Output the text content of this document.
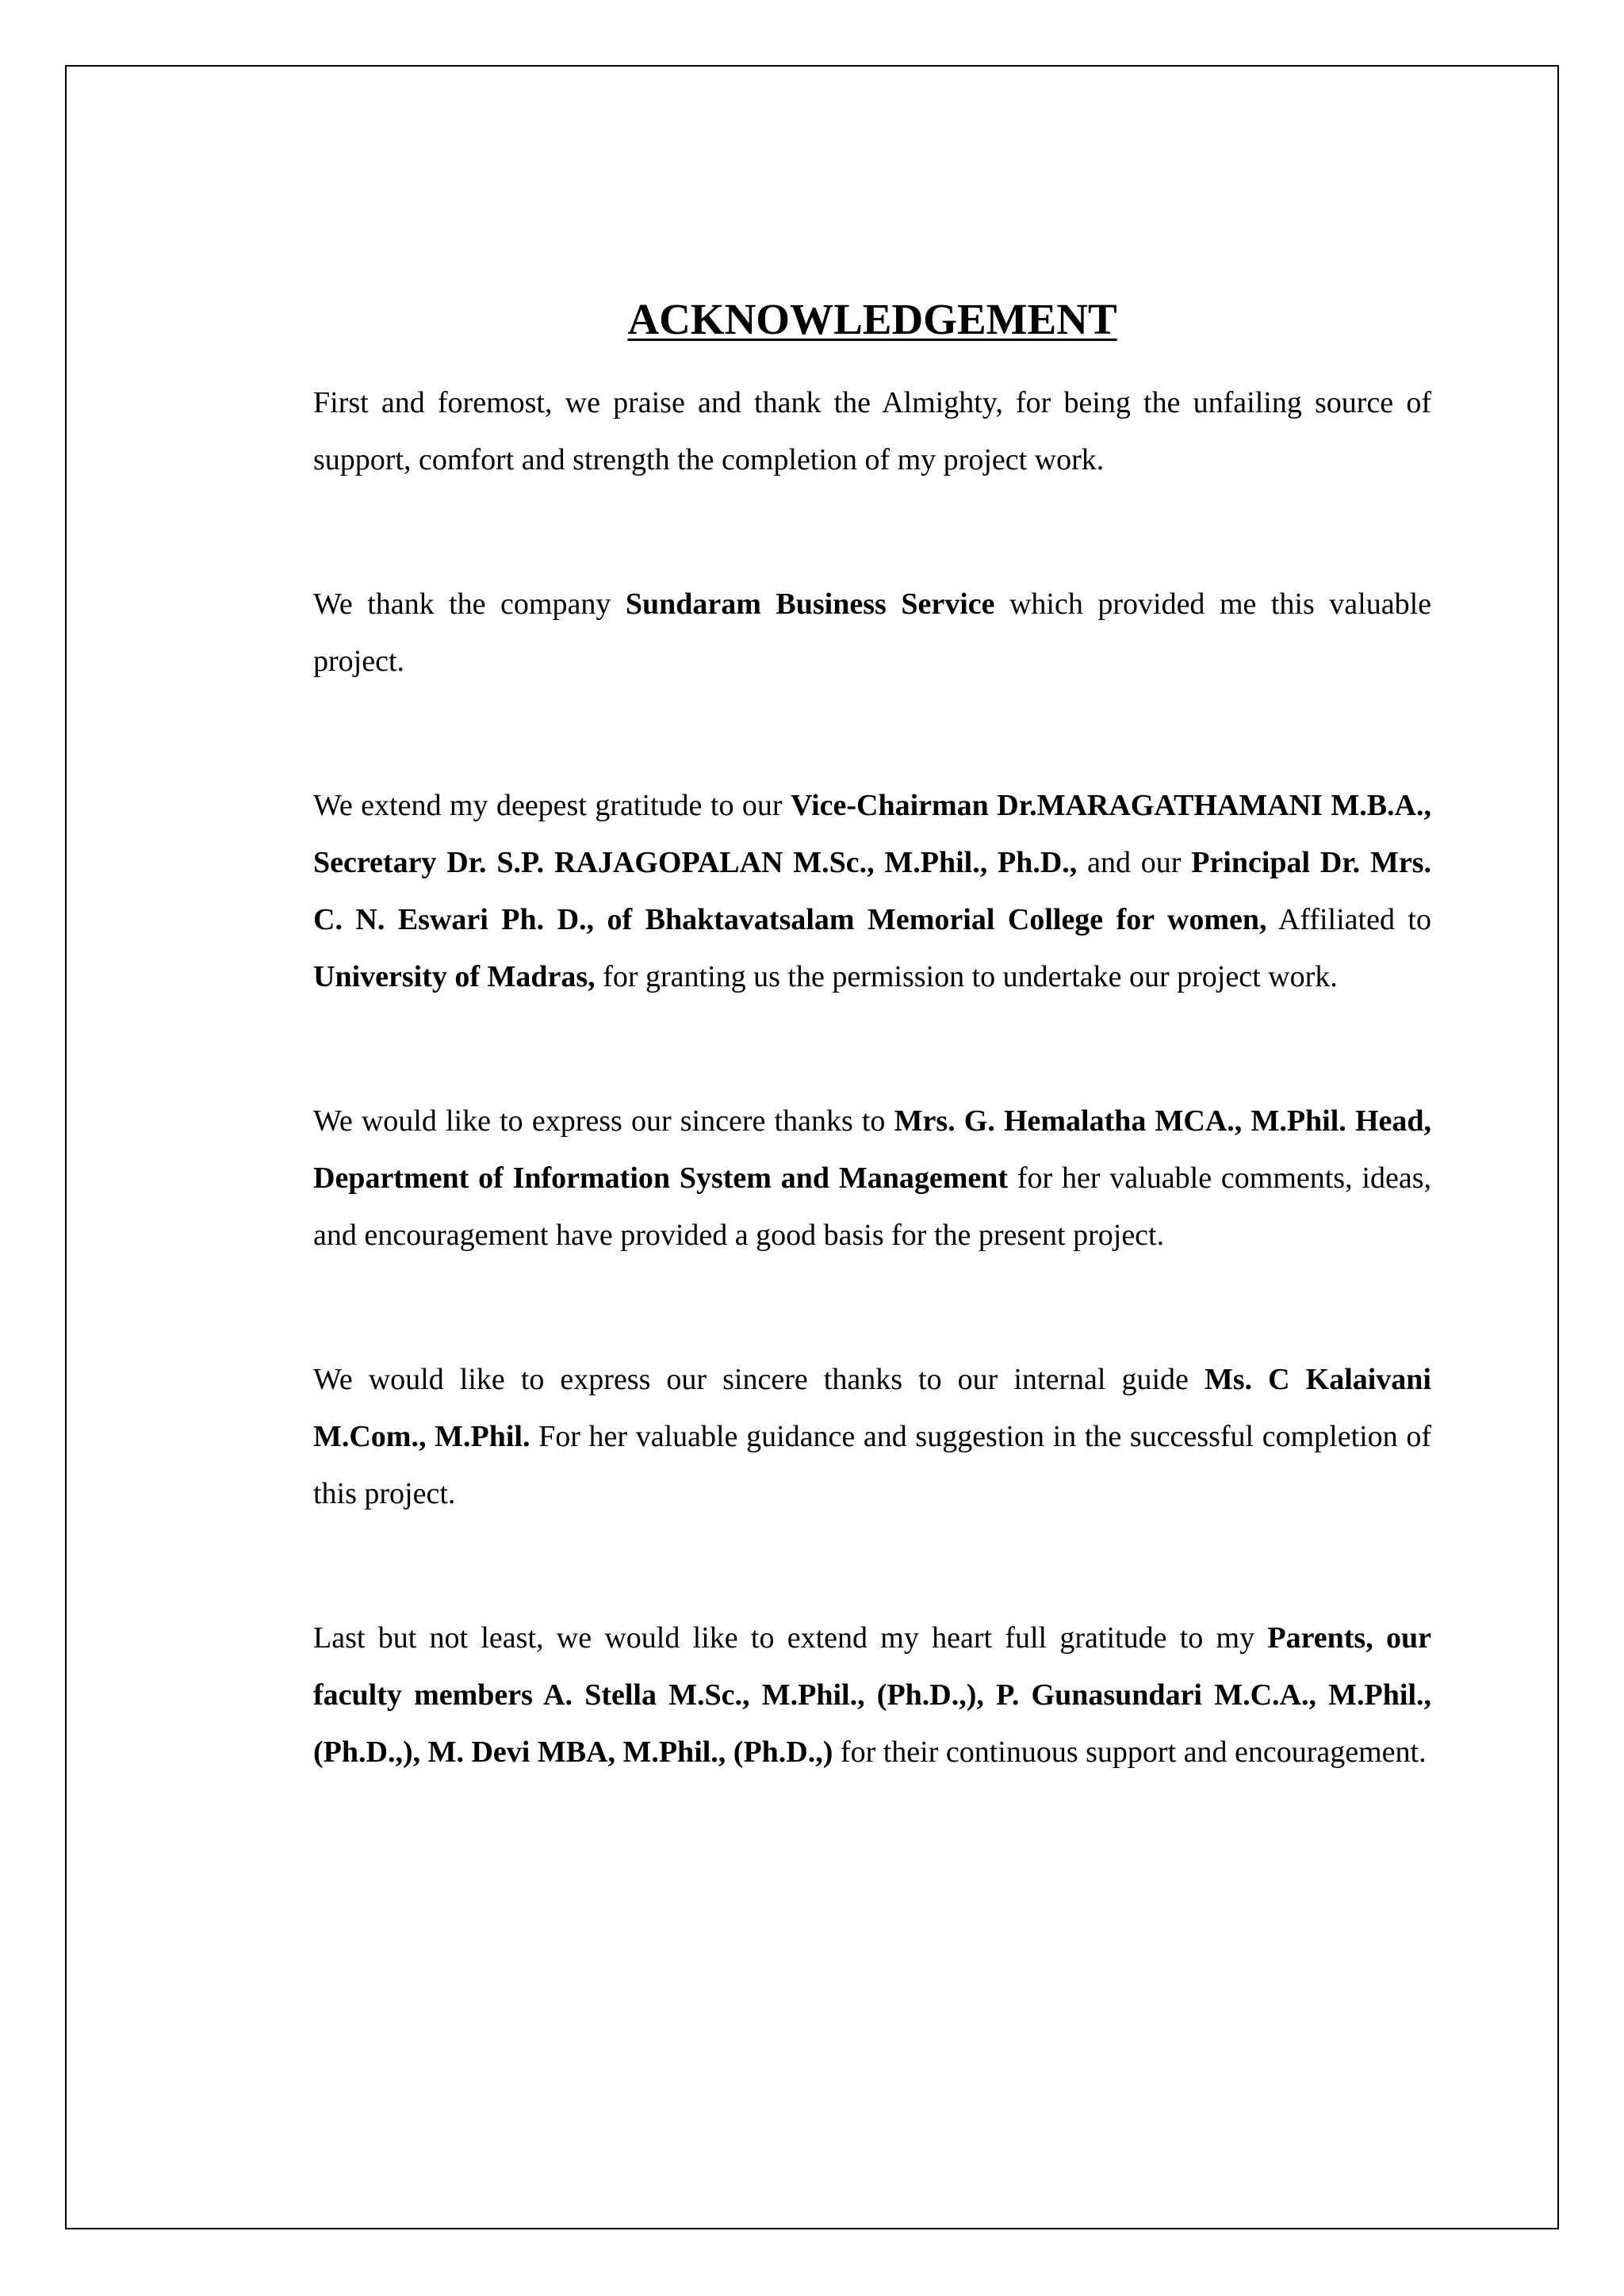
ACKNOWLEDGEMENT

First and foremost, we praise and thank the Almighty, for being the unfailing source of support, comfort and strength the completion of my project work.

We thank the company Sundaram Business Service which provided me this valuable project.

We extend my deepest gratitude to our Vice-Chairman Dr.MARAGATHAMANI M.B.A., Secretary Dr. S.P. RAJAGOPALAN M.Sc., M.Phil., Ph.D., and our Principal Dr. Mrs. C. N. Eswari Ph. D., of Bhaktavatsalam Memorial College for women, Affiliated to University of Madras, for granting us the permission to undertake our project work.

We would like to express our sincere thanks to Mrs. G. Hemalatha MCA., M.Phil. Head, Department of Information System and Management for her valuable comments, ideas, and encouragement have provided a good basis for the present project.

We would like to express our sincere thanks to our internal guide Ms. C Kalaivani M.Com., M.Phil. For her valuable guidance and suggestion in the successful completion of this project.

Last but not least, we would like to extend my heart full gratitude to my Parents, our faculty members A. Stella M.Sc., M.Phil., (Ph.D.,), P. Gunasundari M.C.A., M.Phil., (Ph.D.,), M. Devi MBA, M.Phil., (Ph.D.,) for their continuous support and encouragement.
